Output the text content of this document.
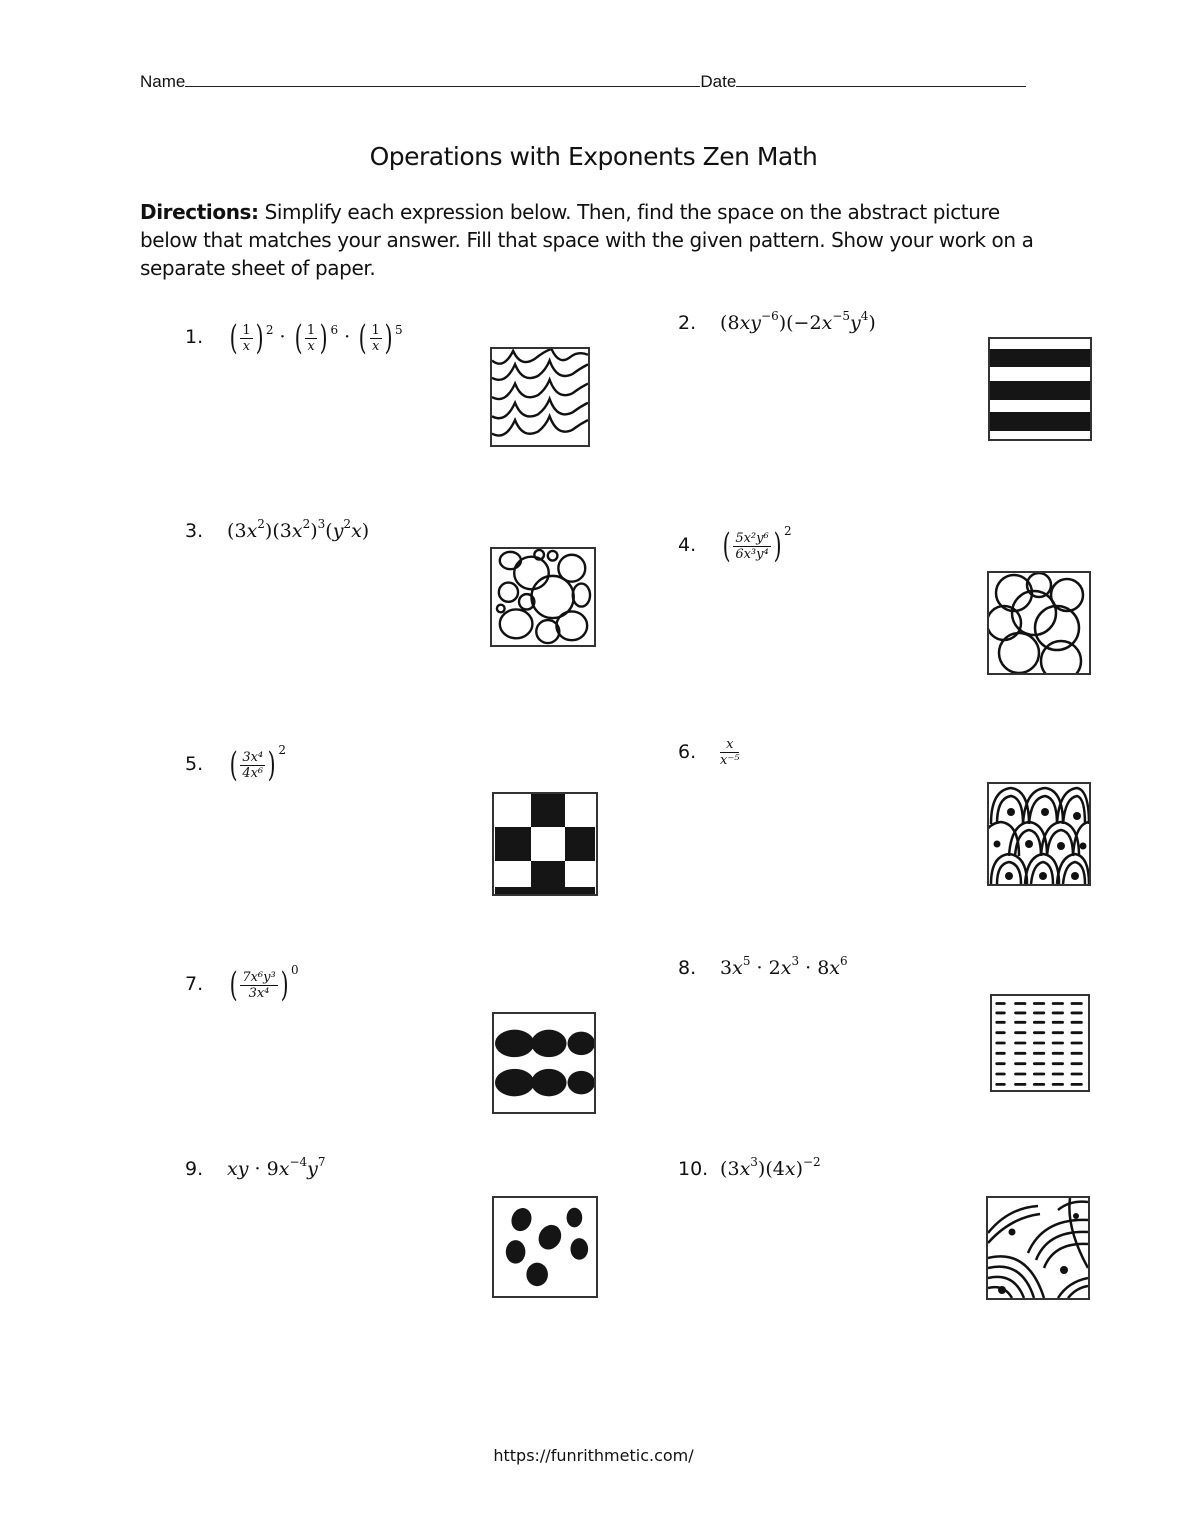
Name	Date
Operations with Exponents Zen Math
Directions: Simplify each expression below. Then, find the space on the abstract picture below that matches your answer. Fill that space with the given pattern. Show your work on a separate sheet of paper.
1. ( $\frac{1}{x}$ ) $^2$ · ( $\frac{1}{x}$ ) $^6$ · ( $\frac{1}{x}$ ) $^5$	2. $(8xy^{-6})(-2x^{-5}y^4)$
3. $(3x^2)(3x^2)^3(y^2x)$
4. ( $\frac{\text{5x²y⁶}}{\text{6x³y⁴}}$ ) $^2$
5. ( $\frac{\text{3x⁴}}{\text{4x⁶}}$ ) $^2$	6. $\frac{x}{\text{x⁻⁵}}$
7. ( $\frac{\text{7x⁶y³}}{\text{3x⁴}}$ ) $^0$	8. $3x^5 \cdot 2x^3 \cdot 8x^6$
9. xy · $9x^{-4}y^7$	10. $(3x^3)(4x)^{-2}$
https://funrithmetic.com/
